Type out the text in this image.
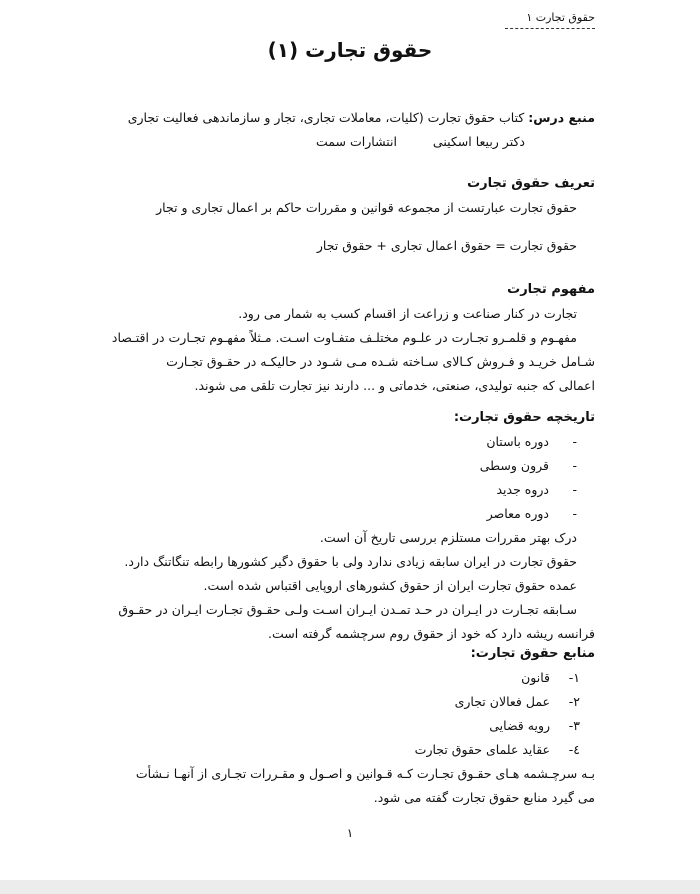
حقوق تجارت ۱
حقوق تجارت (۱)
منبع درس: کتاب حقوق تجارت (کلیات، معاملات تجاری، تجار و سازماندهی فعالیت تجاری
دکتر ربیعا اسکینی  انتشارات سمت
تعریف حقوق تجارت
حقوق تجارت عبارتست از مجموعه قوانین و مقررات حاکم بر اعمال تجاری و تجار
حقوق تجارت = حقوق اعمال تجاری + حقوق تجار
مفهوم تجارت
تجارت در کنار صناعت و زراعت از اقسام کسب به شمار می رود.
مفهـوم و قلمـرو تجـارت در علـوم مختلـف متفـاوت اسـت. مـثلاً مفهـوم تجـارت در اقتـصاد
شـامل خریـد و فـروش کـالای سـاخته شـده مـی شـود در حالیکـه در حقـوق تجـارت
اعمالی که جنبه تولیدی، صنعتی، خدماتی و ... دارند نیز تجارت تلقی می شوند.
تاریخچه حقوق تجارت:
-دوره باستان
-قرون وسطی
-دروه جدید
-دوره معاصر
درک بهتر مقررات مستلزم بررسی تاریخ آن است.
حقوق تجارت در ایران سابقه زیادی ندارد ولی با حقوق دگیر کشورها رابطه تنگاتنگ دارد.
عمده حقوق تجارت ایران از حقوق کشورهای اروپایی اقتباس شده است.
سـابقه تجـارت در ایـران در حـد تمـدن ایـران اسـت ولـی حقـوق تجـارت ایـران در حقـوق
فرانسه ریشه دارد که خود از حقوق روم سرچشمه گرفته است.
منابع حقوق تجارت:
۱- قانون
۲- عمل فعالان تجاری
۳- رویه قضایی
٤- عقاید علمای حقوق تجارت
بـه سرچـشمه هـای حقـوق تجـارت کـه قـوانین و اصـول و مقـررات تجـاری از آنهـا نـشأت
می گیرد منابع حقوق تجارت گفته می شود.
۱
